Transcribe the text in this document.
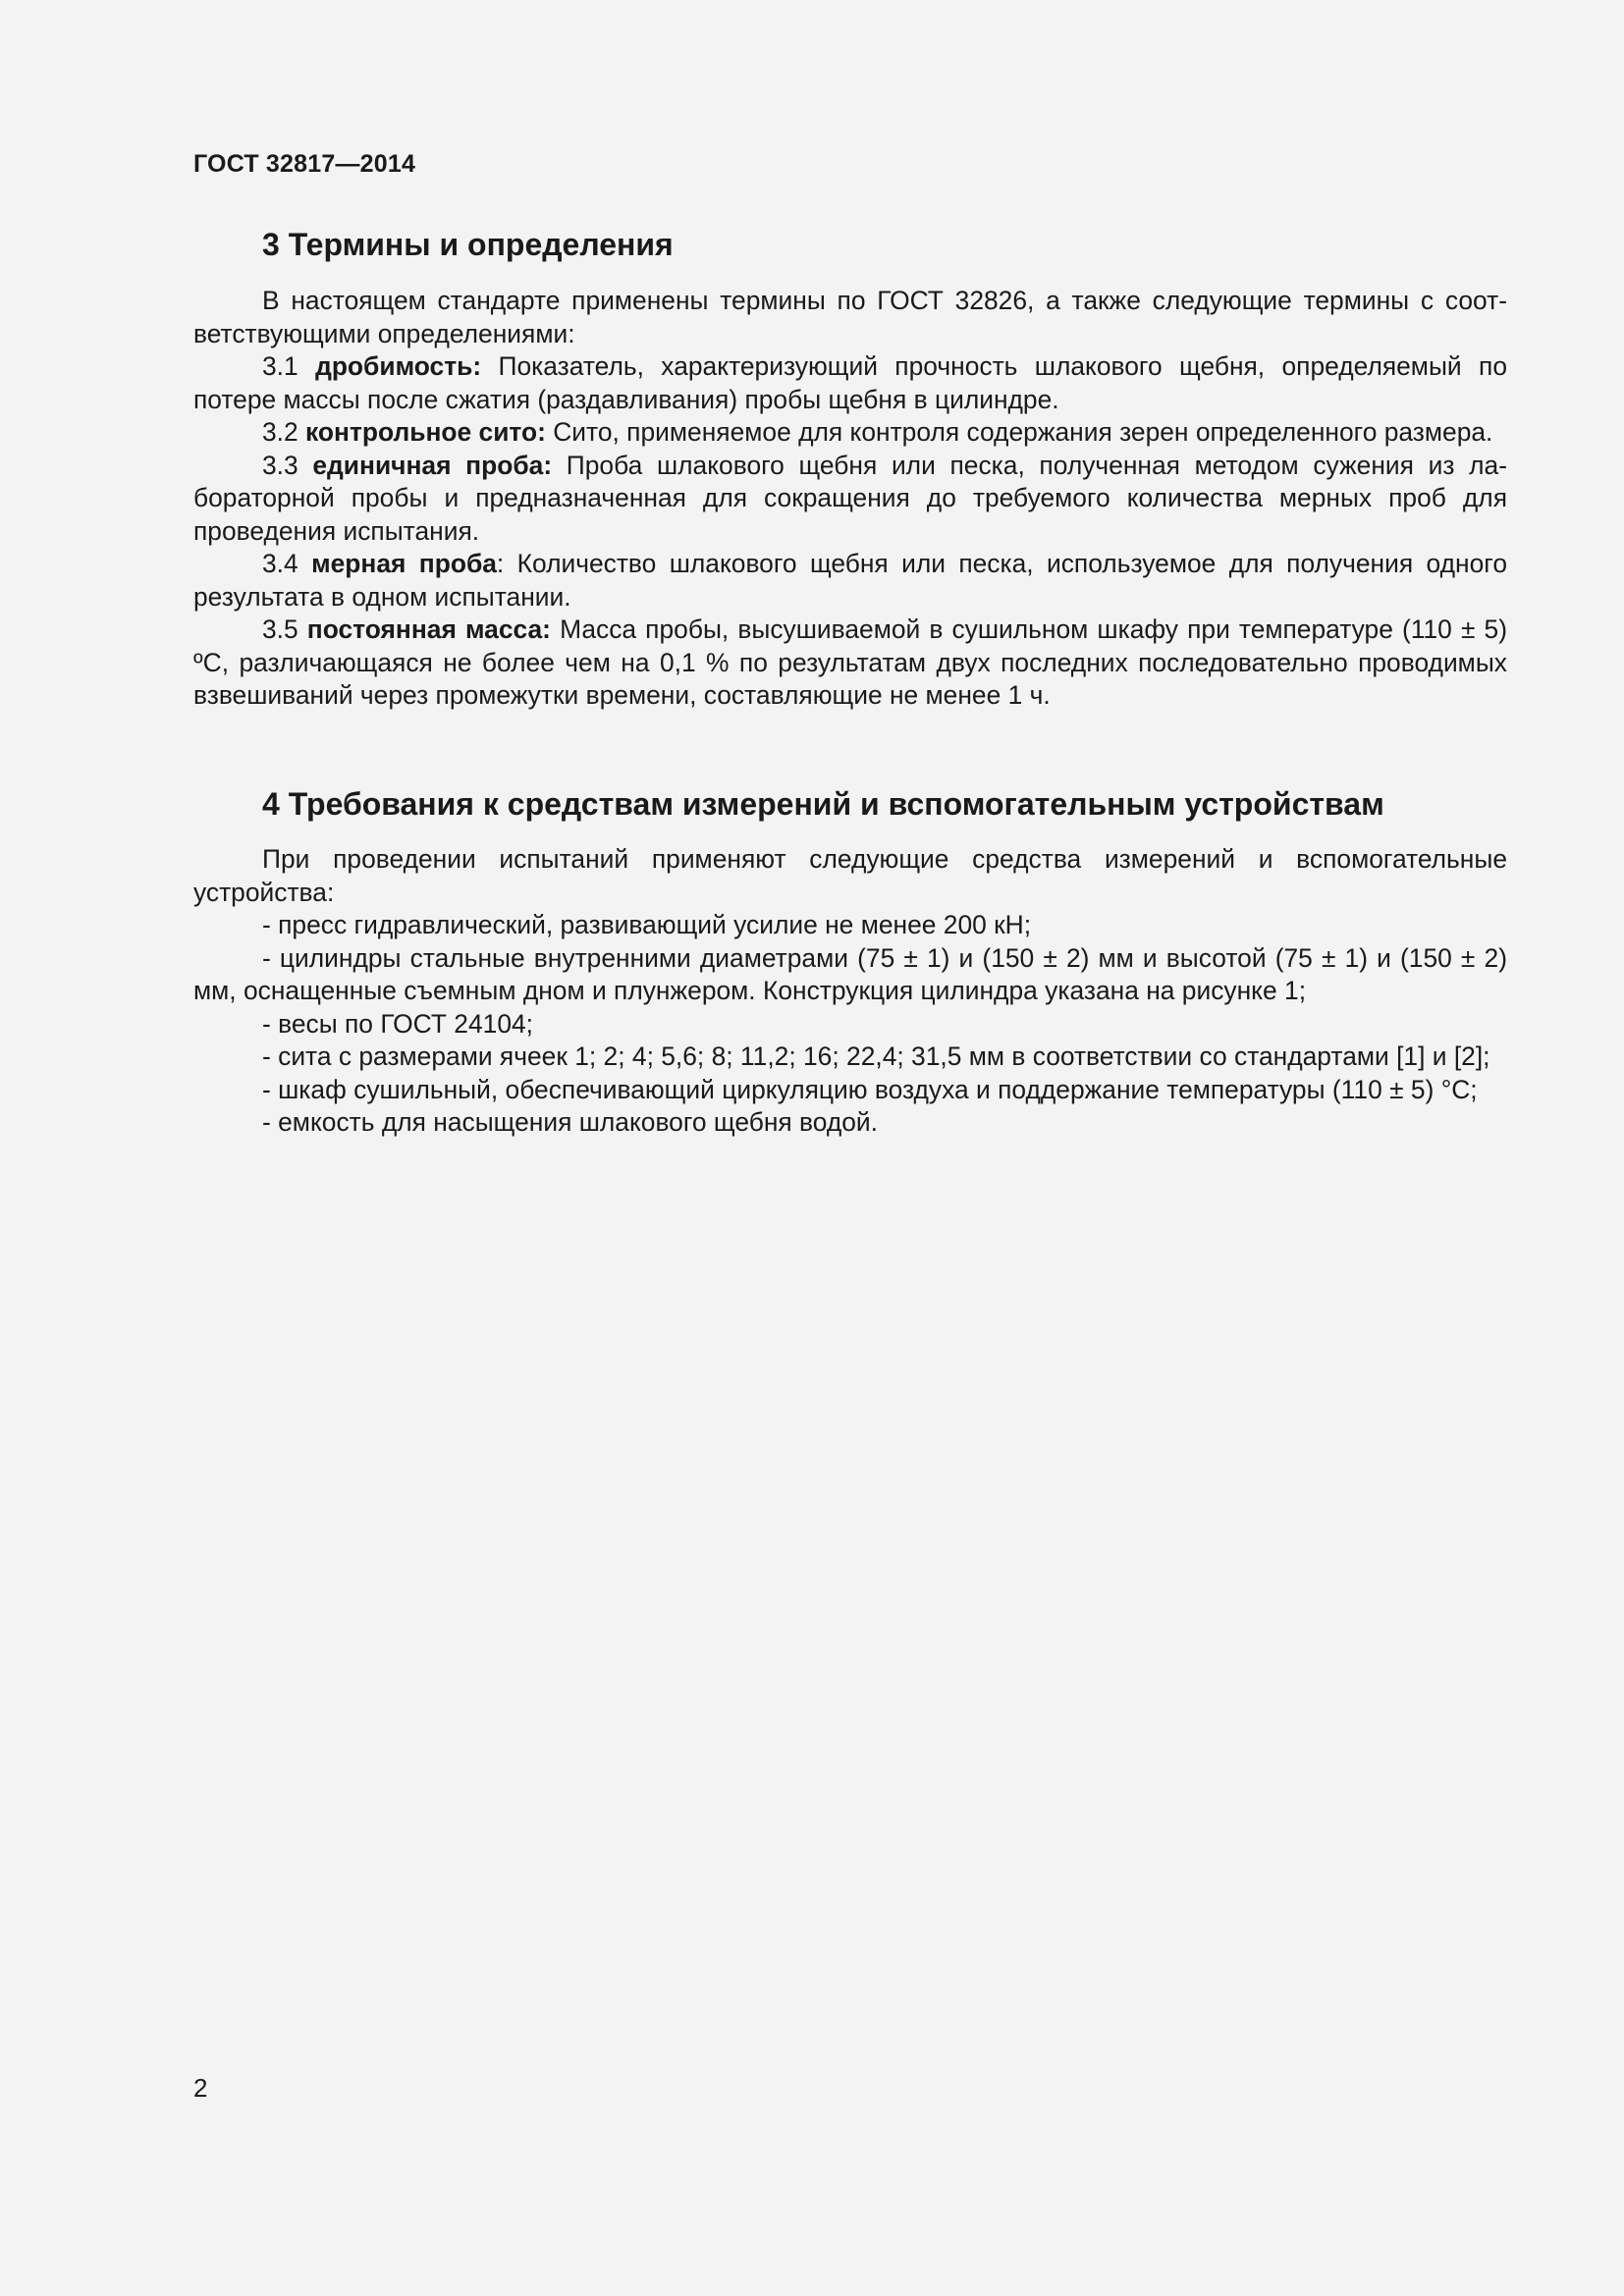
ГОСТ 32817—2014
3 Термины и определения

В настоящем стандарте применены термины по ГОСТ 32826, а также следующие термины с соответствующими определениями:

3.1 дробимость: Показатель, характеризующий прочность шлакового щебня, определяемый по потере массы после сжатия (раздавливания) пробы щебня в цилиндре.

3.2 контрольное сито: Сито, применяемое для контроля содержания зерен определенного размера.

3.3 единичная проба: Проба шлакового щебня или песка, полученная методом сужения из лабораторной пробы и предназначенная для сокращения до требуемого количества мерных проб для проведения испытания.

3.4 мерная проба: Количество шлакового щебня или песка, используемое для получения одного результата в одном испытании.

3.5 постоянная масса: Масса пробы, высушиваемой в сушильном шкафу при температуре (110 ± 5) ºС, различающаяся не более чем на 0,1 % по результатам двух последних последовательно проводимых взвешиваний через промежутки времени, составляющие не менее 1 ч.

4 Требования к средствам измерений и вспомогательным устройствам

При проведении испытаний применяют следующие средства измерений и вспомогательные устройства:

- пресс гидравлический, развивающий усилие не менее 200 кН;

- цилиндры стальные внутренними диаметрами (75 ± 1) и (150 ± 2) мм и высотой (75 ± 1) и (150 ± 2) мм, оснащенные съемным дном и плунжером. Конструкция цилиндра указана на рисунке 1;

- весы по ГОСТ 24104;

- сита с размерами ячеек 1; 2; 4; 5,6; 8; 11,2; 16; 22,4; 31,5 мм в соответствии со стандартами [1] и [2];

- шкаф сушильный, обеспечивающий циркуляцию воздуха и поддержание температуры (110 ± 5) °С;

- емкость для насыщения шлакового щебня водой.

2
